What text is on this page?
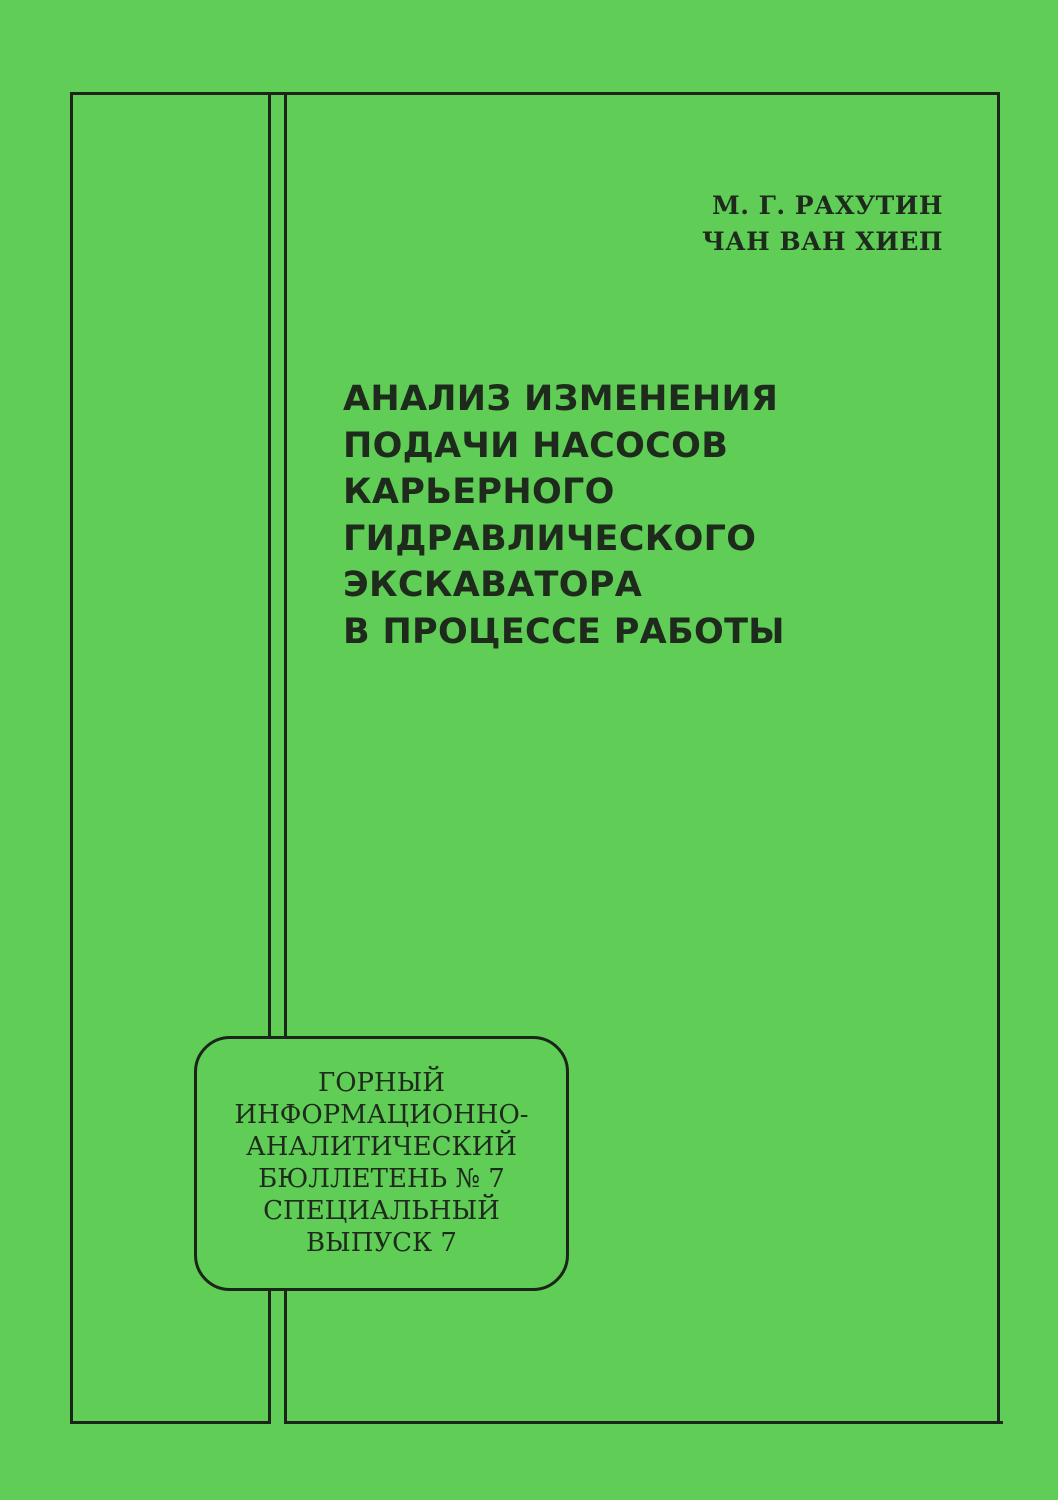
М. Г. РАХУТИН
ЧАН ВАН ХИЕП
АНАЛИЗ ИЗМЕНЕНИЯ
ПОДАЧИ НАСОСОВ
КАРЬЕРНОГО
ГИДРАВЛИЧЕСКОГО
ЭКСКАВАТОРА
В ПРОЦЕССЕ РАБОТЫ
ГОРНЫЙ
ИНФОРМАЦИОННО-
АНАЛИТИЧЕСКИЙ
БЮЛЛЕТЕНЬ № 7
СПЕЦИАЛЬНЫЙ
ВЫПУСК 7
